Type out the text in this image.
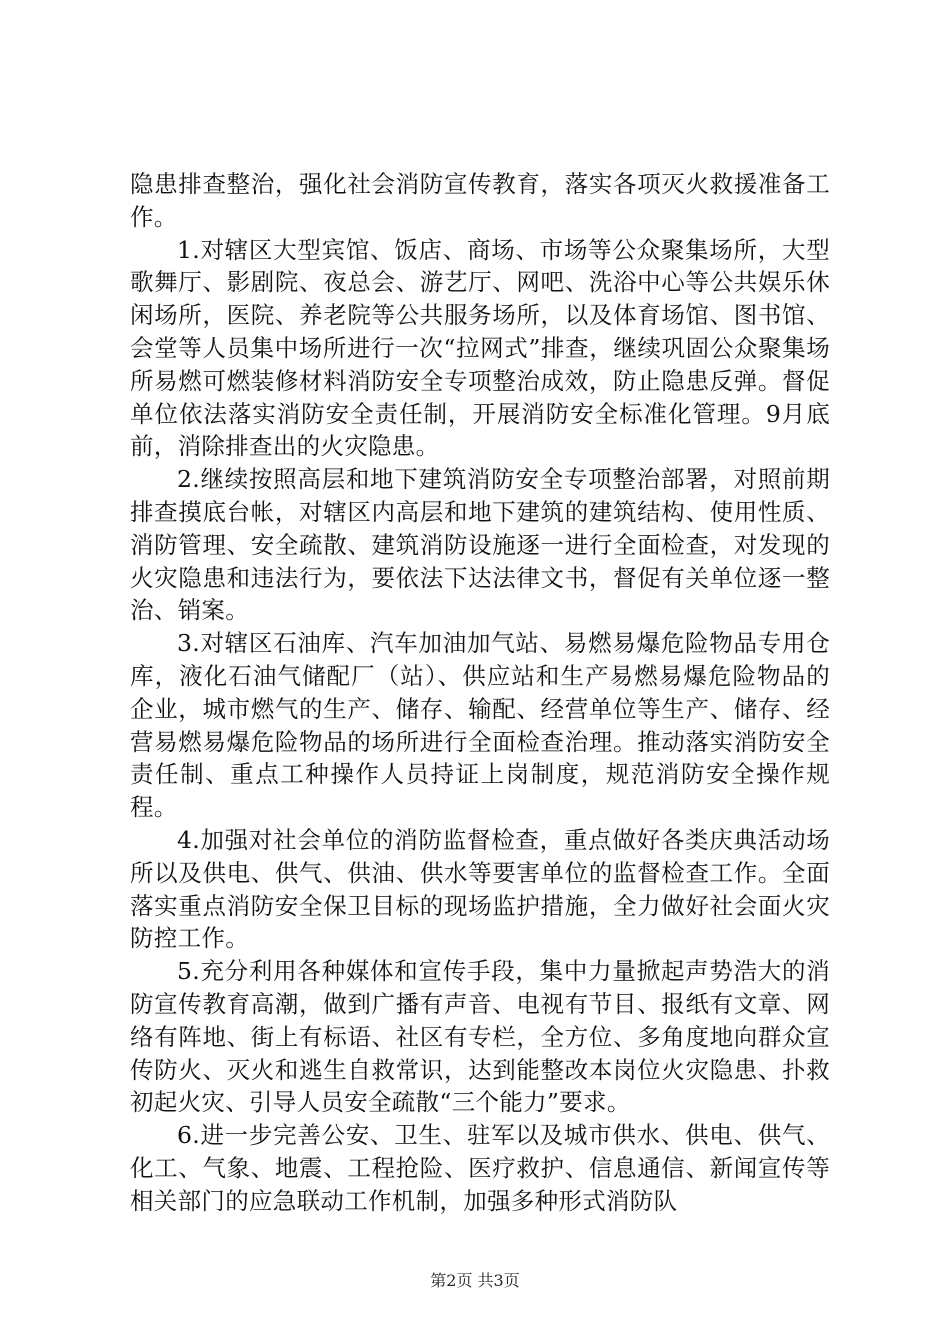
隐患排查整治，强化社会消防宣传教育，落实各项灭火救援准备工作。

1.对辖区大型宾馆、饭店、商场、市场等公众聚集场所，大型歌舞厅、影剧院、夜总会、游艺厅、网吧、洗浴中心等公共娱乐休闲场所，医院、养老院等公共服务场所，以及体育场馆、图书馆、会堂等人员集中场所进行一次“拉网式”排查，继续巩固公众聚集场所易燃可燃装修材料消防安全专项整治成效，防止隐患反弹。督促单位依法落实消防安全责任制，开展消防安全标准化管理。9月底前，消除排查出的火灾隐患。

2.继续按照高层和地下建筑消防安全专项整治部署，对照前期排查摸底台帐，对辖区内高层和地下建筑的建筑结构、使用性质、消防管理、安全疏散、建筑消防设施逐一进行全面检查，对发现的火灾隐患和违法行为，要依法下达法律文书，督促有关单位逐一整治、销案。

3.对辖区石油库、汽车加油加气站、易燃易爆危险物品专用仓库，液化石油气储配厂（站）、供应站和生产易燃易爆危险物品的企业，城市燃气的生产、储存、输配、经营单位等生产、储存、经营易燃易爆危险物品的场所进行全面检查治理。推动落实消防安全责任制、重点工种操作人员持证上岗制度，规范消防安全操作规程。

4.加强对社会单位的消防监督检查，重点做好各类庆典活动场所以及供电、供气、供油、供水等要害单位的监督检查工作。全面落实重点消防安全保卫目标的现场监护措施，全力做好社会面火灾防控工作。

5.充分利用各种媒体和宣传手段，集中力量掀起声势浩大的消防宣传教育高潮，做到广播有声音、电视有节目、报纸有文章、网络有阵地、街上有标语、社区有专栏，全方位、多角度地向群众宣传防火、灭火和逃生自救常识，达到能整改本岗位火灾隐患、扑救初起火灾、引导人员安全疏散“三个能力”要求。

6.进一步完善公安、卫生、驻军以及城市供水、供电、供气、化工、气象、地震、工程抢险、医疗救护、信息通信、新闻宣传等相关部门的应急联动工作机制，加强多种形式消防队

第2页 共3页
